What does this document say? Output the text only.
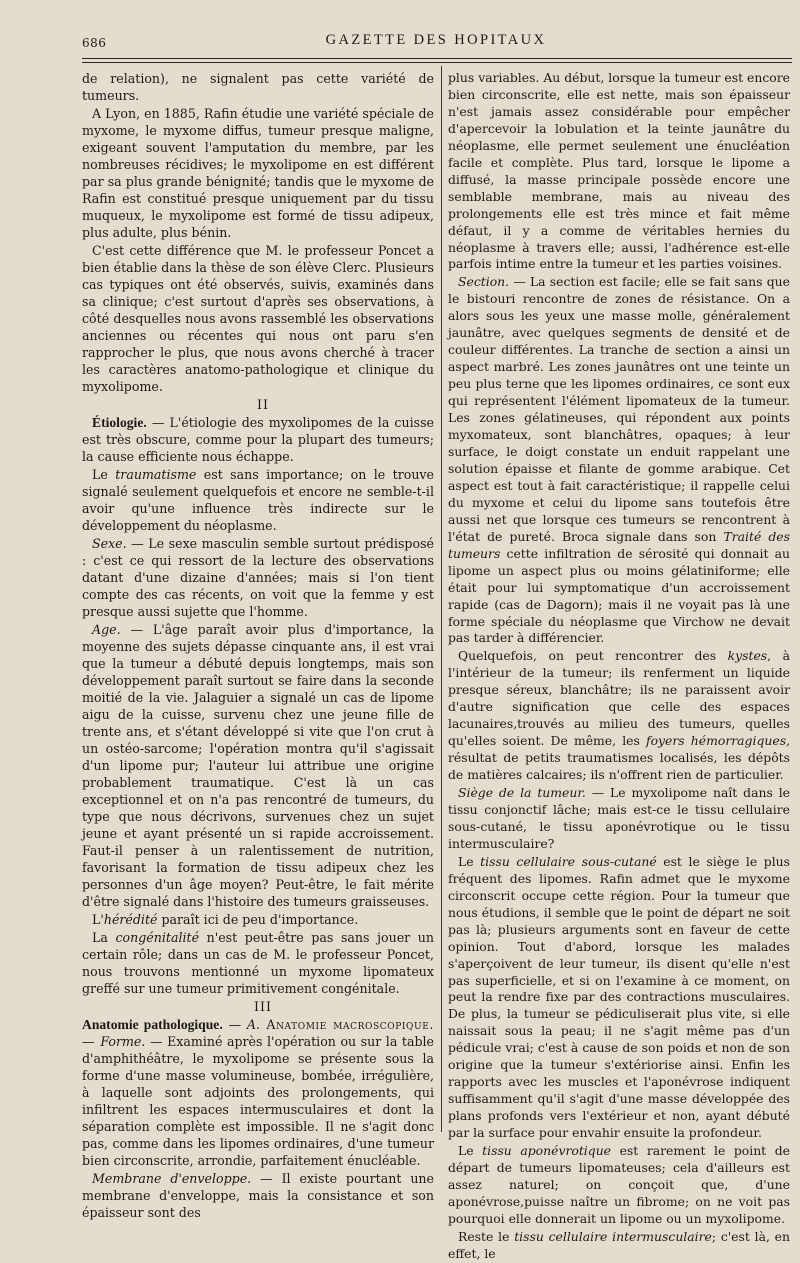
686	GAZETTE DES HOPITAUX

de relation), ne signalent pas cette variété de tumeurs.

A Lyon, en 1885, Rafin étudie une variété spéciale de myxome, le myxome diffus, tumeur presque maligne, exigeant souvent l'amputation du membre, par les nombreuses récidives; le myxolipome en est différent par sa plus grande bénignité; tandis que le myxome de Rafin est constitué presque uniquement par du tissu muqueux, le myxolipome est formé de tissu adipeux, plus adulte, plus bénin.

C'est cette différence que M. le professeur Poncet a bien établie dans la thèse de son élève Clerc. Plusieurs cas typiques ont été observés, suivis, examinés dans sa clinique; c'est surtout d'après ses observations, à côté desquelles nous avons rassemblé les observations anciennes ou récentes qui nous ont paru s'en rapprocher le plus, que nous avons cherché à tracer les caractères anatomo-pathologique et clinique du myxolipome.

II

Étiologie. — L'étiologie des myxolipomes de la cuisse est très obscure, comme pour la plupart des tumeurs; la cause efficiente nous échappe.

Le traumatisme est sans importance; on le trouve signalé seulement quelquefois et encore ne semble-t-il avoir qu'une influence très indirecte sur le développement du néoplasme.

Sexe. — Le sexe masculin semble surtout prédisposé : c'est ce qui ressort de la lecture des observations datant d'une dizaine d'années; mais si l'on tient compte des cas récents, on voit que la femme y est presque aussi sujette que l'homme.

Age. — L'âge paraît avoir plus d'importance, la moyenne des sujets dépasse cinquante ans, il est vrai que la tumeur a débuté depuis longtemps, mais son développement paraît surtout se faire dans la seconde moitié de la vie. Jalaguier a signalé un cas de lipome aigu de la cuisse, survenu chez une jeune fille de trente ans, et s'étant développé si vite que l'on crut à un ostéo-sarcome; l'opération montra qu'il s'agissait d'un lipome pur; l'auteur lui attribue une origine probablement traumatique. C'est là un cas exceptionnel et on n'a pas rencontré de tumeurs, du type que nous décrivons, survenues chez un sujet jeune et ayant présenté un si rapide accroissement. Faut-il penser à un ralentissement de nutrition, favorisant la formation de tissu adipeux chez les personnes d'un âge moyen? Peut-être, le fait mérite d'être signalé dans l'histoire des tumeurs graisseuses.

L'hérédité paraît ici de peu d'importance.

La congénitalité n'est peut-être pas sans jouer un certain rôle; dans un cas de M. le professeur Poncet, nous trouvons mentionné un myxome lipomateux greffé sur une tumeur primitivement congénitale.

III

Anatomie pathologique. — A. Anatomie macroscopique. — Forme. — Examiné après l'opération ou sur la table d'amphithéâtre, le myxolipome se présente sous la forme d'une masse volumineuse, bombée, irrégulière, à laquelle sont adjoints des prolongements, qui infiltrent les espaces intermusculaires et dont la séparation complète est impossible. Il ne s'agit donc pas, comme dans les lipomes ordinaires, d'une tumeur bien circonscrite, arrondie, parfaitement énucléable.

Membrane d'enveloppe. — Il existe pourtant une membrane d'enveloppe, mais la consistance et son épaisseur sont des

plus variables. Au début, lorsque la tumeur est encore bien circonscrite, elle est nette, mais son épaisseur n'est jamais assez considérable pour empêcher d'apercevoir la lobulation et la teinte jaunâtre du néoplasme, elle permet seulement une énucléation facile et complète. Plus tard, lorsque le lipome a diffusé, la masse principale possède encore une semblable membrane, mais au niveau des prolongements elle est très mince et fait même défaut, il y a comme de véritables hernies du néoplasme à travers elle; aussi, l'adhérence est-elle parfois intime entre la tumeur et les parties voisines.

Section. — La section est facile; elle se fait sans que le bistouri rencontre de zones de résistance. On a alors sous les yeux une masse molle, généralement jaunâtre, avec quelques segments de densité et de couleur différentes. La tranche de section a ainsi un aspect marbré. Les zones jaunâtres ont une teinte un peu plus terne que les lipomes ordinaires, ce sont eux qui représentent l'élément lipomateux de la tumeur. Les zones gélatineuses, qui répondent aux points myxomateux, sont blanchâtres, opaques; à leur surface, le doigt constate un enduit rappelant une solution épaisse et filante de gomme arabique. Cet aspect est tout à fait caractéristique; il rappelle celui du myxome et celui du lipome sans toutefois être aussi net que lorsque ces tumeurs se rencontrent à l'état de pureté. Broca signale dans son Traité des tumeurs cette infiltration de sérosité qui donnait au lipome un aspect plus ou moins gélatiniforme; elle était pour lui symptomatique d'un accroissement rapide (cas de Dagorn); mais il ne voyait pas là une forme spéciale du néoplasme que Virchow ne devait pas tarder à différencier.

Quelquefois, on peut rencontrer des kystes, à l'intérieur de la tumeur; ils renferment un liquide presque séreux, blanchâtre; ils ne paraissent avoir d'autre signification que celle des espaces lacunaires,trouvés au milieu des tumeurs, quelles qu'elles soient. De même, les foyers hémorragiques, résultat de petits traumatismes localisés, les dépôts de matières calcaires; ils n'offrent rien de particulier.

Siège de la tumeur. — Le myxolipome naît dans le tissu conjonctif lâche; mais est-ce le tissu cellulaire sous-cutané, le tissu aponévrotique ou le tissu intermusculaire?

Le tissu cellulaire sous-cutané est le siège le plus fréquent des lipomes. Rafin admet que le myxome circonscrit occupe cette région. Pour la tumeur que nous étudions, il semble que le point de départ ne soit pas là; plusieurs arguments sont en faveur de cette opinion. Tout d'abord, lorsque les malades s'aperçoivent de leur tumeur, ils disent qu'elle n'est pas superficielle, et si on l'examine à ce moment, on peut la rendre fixe par des contractions musculaires. De plus, la tumeur se pédiculiserait plus vite, si elle naissait sous la peau; il ne s'agit même pas d'un pédicule vrai; c'est à cause de son poids et non de son origine que la tumeur s'extériorise ainsi. Enfin les rapports avec les muscles et l'aponévrose indiquent suffisamment qu'il s'agit d'une masse développée des plans profonds vers l'extérieur et non, ayant débuté par la surface pour envahir ensuite la profondeur.

Le tissu aponévrotique est rarement le point de départ de tumeurs lipomateuses; cela d'ailleurs est assez naturel; on conçoit que, d'une aponévrose,puisse naître un fibrome; on ne voit pas pourquoi elle donnerait un lipome ou un myxolipome.

Reste le tissu cellulaire intermusculaire; c'est là, en effet, le
